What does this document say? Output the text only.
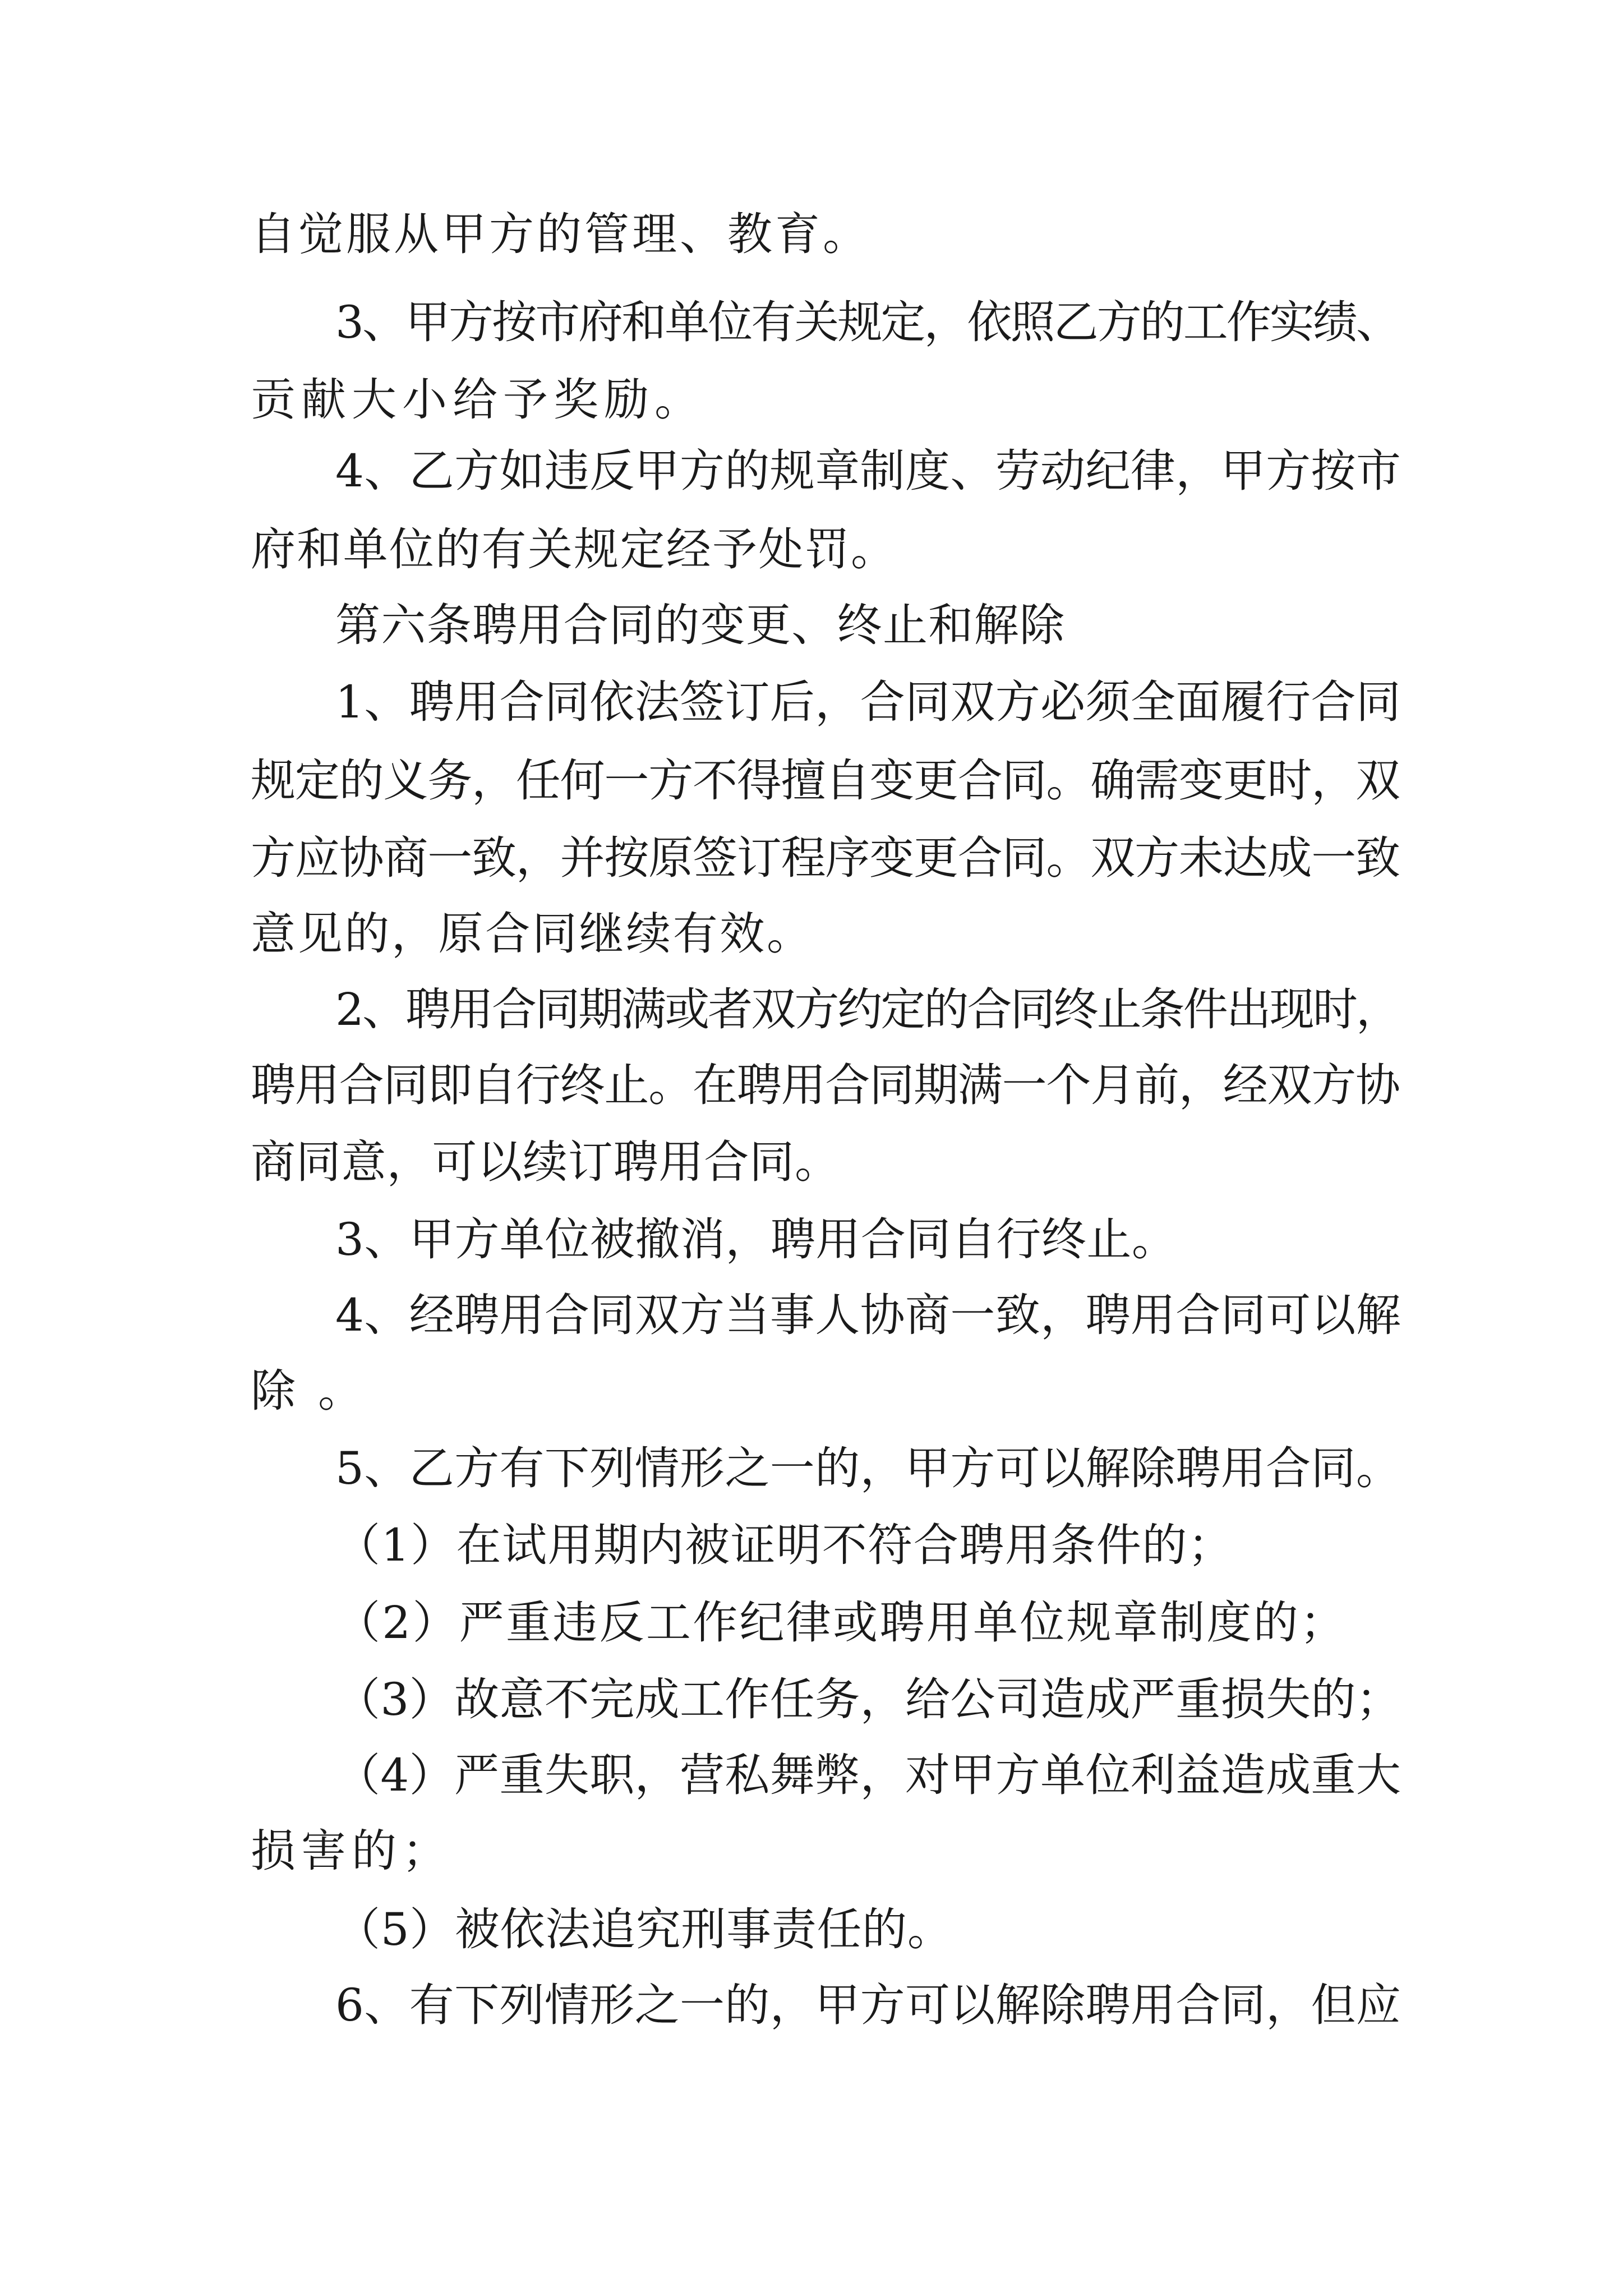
自觉服从甲方的管理、教育。

3、甲方按市府和单位有关规定，依照乙方的工作实绩、

贡献大小给予奖励。

4、乙方如违反甲方的规章制度、劳动纪律，甲方按市

府和单位的有关规定经予处罚。

第六条聘用合同的变更、终止和解除

1、聘用合同依法签订后，合同双方必须全面履行合同

规定的义务，任何一方不得擅自变更合同。确需变更时，双

方应协商一致，并按原签订程序变更合同。双方未达成一致

意见的，原合同继续有效。

2、聘用合同期满或者双方约定的合同终止条件出现时，

聘用合同即自行终止。在聘用合同期满一个月前，经双方协

商同意，可以续订聘用合同。

3、甲方单位被撤消，聘用合同自行终止。

4、经聘用合同双方当事人协商一致，聘用合同可以解

除。

5、乙方有下列情形之一的，甲方可以解除聘用合同。

（1）在试用期内被证明不符合聘用条件的；

（2）严重违反工作纪律或聘用单位规章制度的；

（3）故意不完成工作任务，给公司造成严重损失的；

（4）严重失职，营私舞弊，对甲方单位利益造成重大

损害的；

（5）被依法追究刑事责任的。

6、有下列情形之一的，甲方可以解除聘用合同，但应
